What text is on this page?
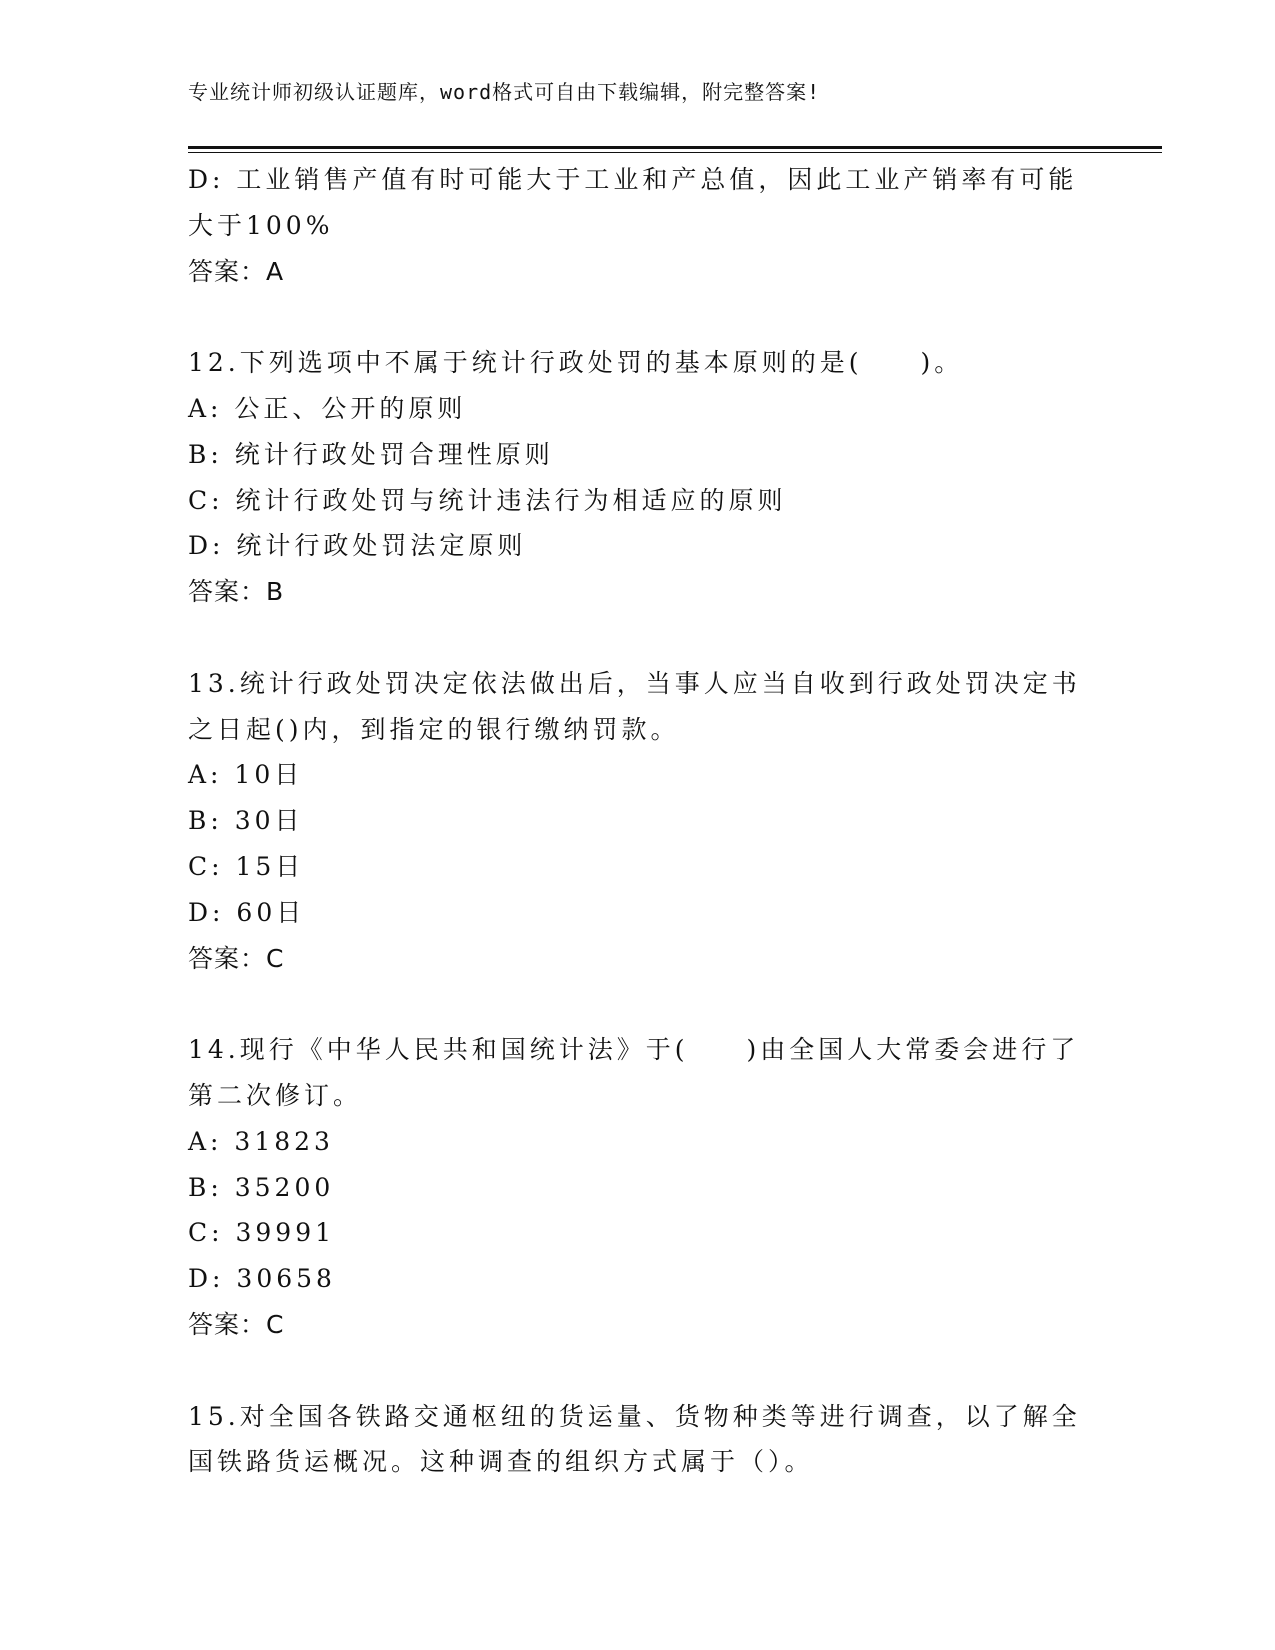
专业统计师初级认证题库，word格式可自由下载编辑，附完整答案!
D: 工业销售产值有时可能大于工业和产总值，因此工业产销率有可能
大于100%
答案：A
12.下列选项中不属于统计行政处罚的基本原则的是(　　)。
A: 公正、公开的原则
B: 统计行政处罚合理性原则
C: 统计行政处罚与统计违法行为相适应的原则
D: 统计行政处罚法定原则
答案：B
13.统计行政处罚决定依法做出后，当事人应当自收到行政处罚决定书
之日起()内，到指定的银行缴纳罚款。
A: 10日
B: 30日
C: 15日
D: 60日
答案：C
14.现行《中华人民共和国统计法》于(　　)由全国人大常委会进行了
第二次修订。
A: 31823
B: 35200
C: 39991
D: 30658
答案：C
15.对全国各铁路交通枢纽的货运量、货物种类等进行调查，以了解全
国铁路货运概况。这种调查的组织方式属于（）。
